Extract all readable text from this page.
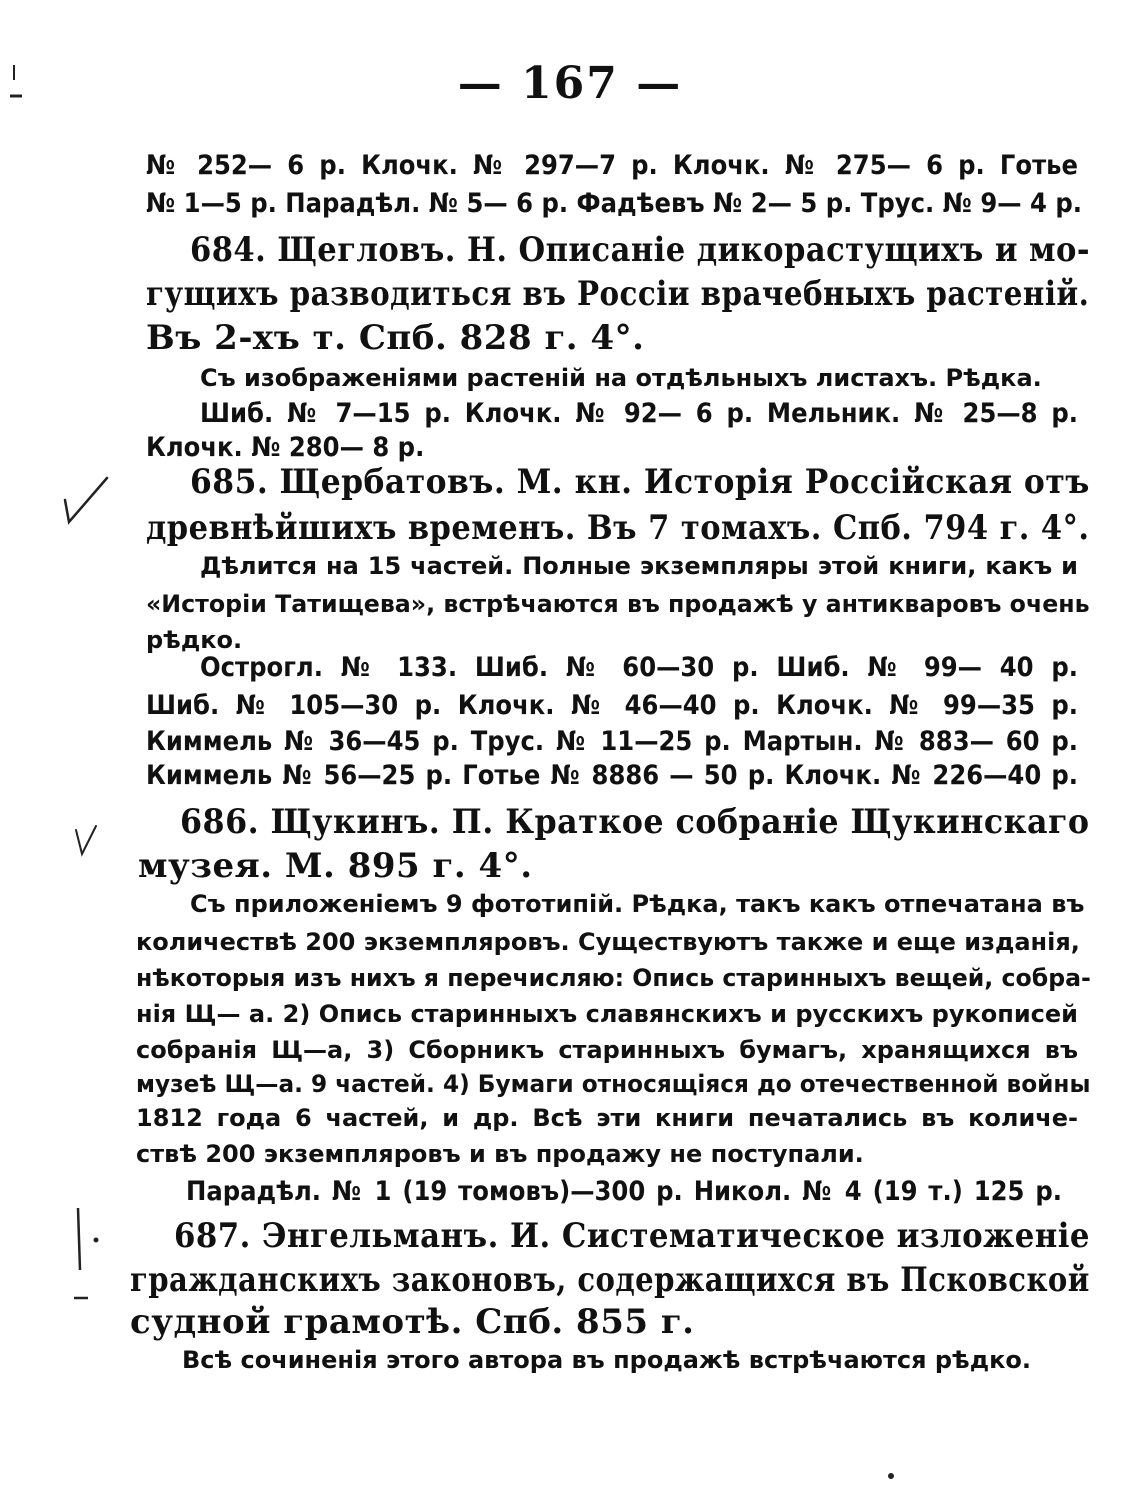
— 167 —
№ 252— 6 р. Клочк. № 297—7 р. Клочк. № 275— 6 р. Готье
№ 1—5 р. Парадѣл. № 5— 6 р. Фадѣевъ № 2— 5 р. Трус. № 9— 4 р.
684. Щегловъ. Н. Описаніе дикорастущихъ и мо-
гущихъ разводиться въ Россіи врачебныхъ растеній.
Въ 2-хъ т. Спб. 828 г. 4°.
Съ изображеніями растеній на отдѣльныхъ листахъ. Рѣдка.
Шиб. № 7—15 р. Клочк. № 92— 6 р. Мельник. № 25—8 р.
Клочк. № 280— 8 р.
685. Щербатовъ. М. кн. Исторія Россійская отъ
древнѣйшихъ временъ. Въ 7 томахъ. Спб. 794 г. 4°.
Дѣлится на 15 частей. Полные экземпляры этой книги, какъ и
«Исторіи Татищева», встрѣчаются въ продажѣ у антикваровъ очень
рѣдко.
Острогл. № 133. Шиб. № 60—30 р. Шиб. № 99— 40 р.
Шиб. № 105—30 р. Клочк. № 46—40 р. Клочк. № 99—35 р.
Киммель № 36—45 р. Трус. № 11—25 р. Мартын. № 883— 60 р.
Киммель № 56—25 р. Готье № 8886 — 50 р. Клочк. № 226—40 р.
686. Щукинъ. П. Краткое собраніе Щукинскаго
музея. М. 895 г. 4°.
Съ приложеніемъ 9 фототипій. Рѣдка, такъ какъ отпечатана въ
количествѣ 200 экземпляровъ. Существуютъ также и еще изданія,
нѣкоторыя изъ нихъ я перечисляю: Опись старинныхъ вещей, собра-
нія Щ— а. 2) Опись старинныхъ славянскихъ и русскихъ рукописей
собранія Щ—а, 3) Сборникъ старинныхъ бумагъ, хранящихся въ
музеѣ Щ—а. 9 частей. 4) Бумаги относящіяся до отечественной войны
1812 года 6 частей, и др. Всѣ эти книги печатались въ количе-
ствѣ 200 экземпляровъ и въ продажу не поступали.
Парадѣл. № 1 (19 томовъ)—300 р. Никол. № 4 (19 т.) 125 р.
687. Энгельманъ. И. Систематическое изложеніе
гражданскихъ законовъ, содержащихся въ Псковской
судной грамотѣ. Спб. 855 г.
Всѣ сочиненія этого автора въ продажѣ встрѣчаются рѣдко.
